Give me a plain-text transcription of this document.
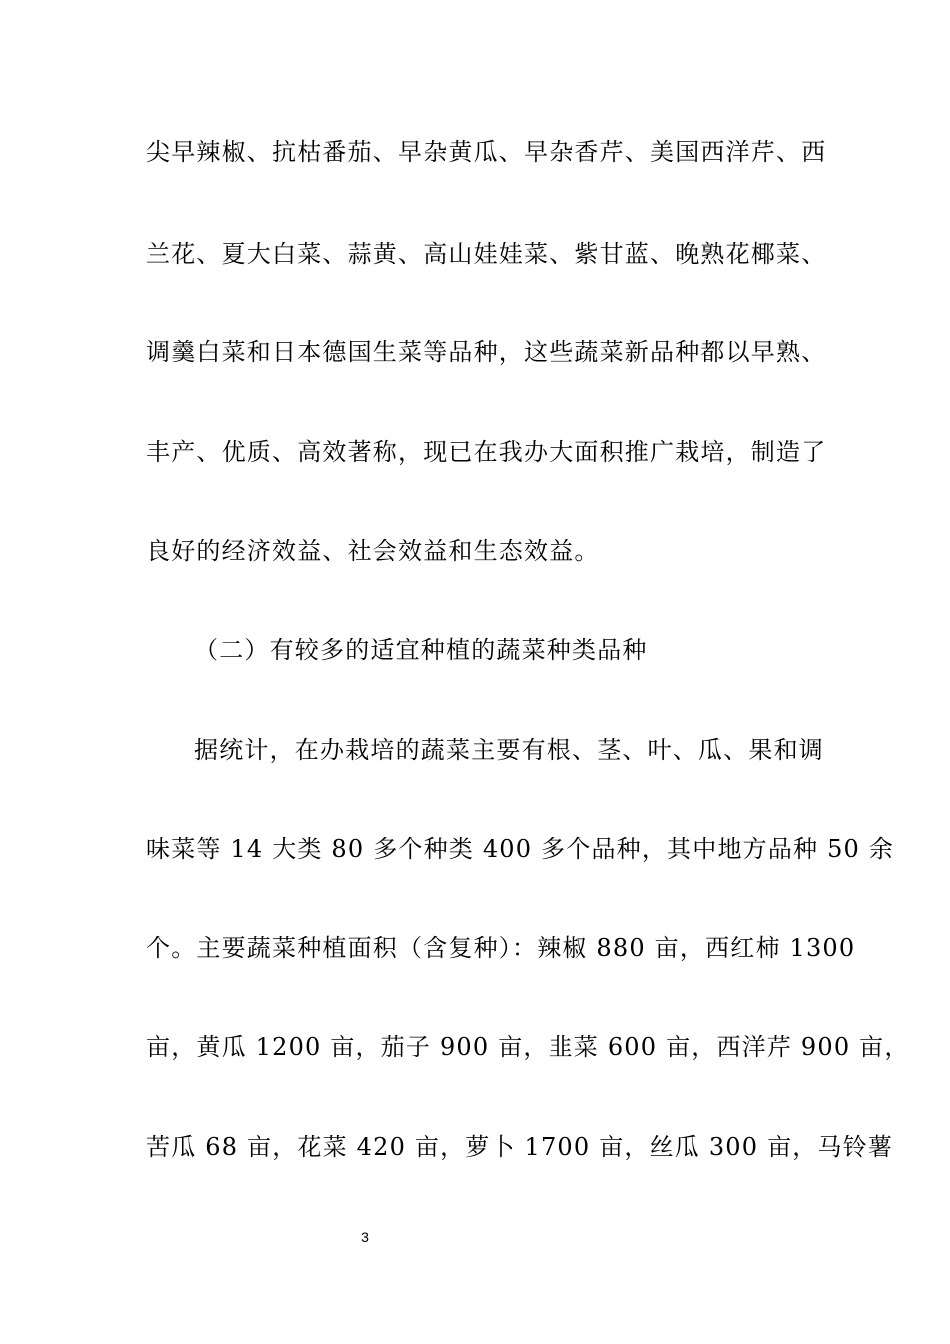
尖早辣椒、抗枯番茄、早杂黄瓜、早杂香芹、美国西洋芹、西
兰花、夏大白菜、蒜黄、高山娃娃菜、紫甘蓝、晚熟花椰菜、
调羹白菜和日本德国生菜等品种，这些蔬菜新品种都以早熟、
丰产、优质、高效著称，现已在我办大面积推广栽培，制造了
良好的经济效益、社会效益和生态效益。
（二）有较多的适宜种植的蔬菜种类品种
据统计，在办栽培的蔬菜主要有根、茎、叶、瓜、果和调
味菜等 14 大类 80 多个种类 400 多个品种，其中地方品种 50 余
个。主要蔬菜种植面积（含复种）：辣椒 880 亩，西红柿 1300
亩，黄瓜 1200 亩，茄子 900 亩，韭菜 600 亩，西洋芹 900 亩，
苦瓜 68 亩，花菜 420 亩，萝卜 1700 亩，丝瓜 300 亩，马铃薯
3
